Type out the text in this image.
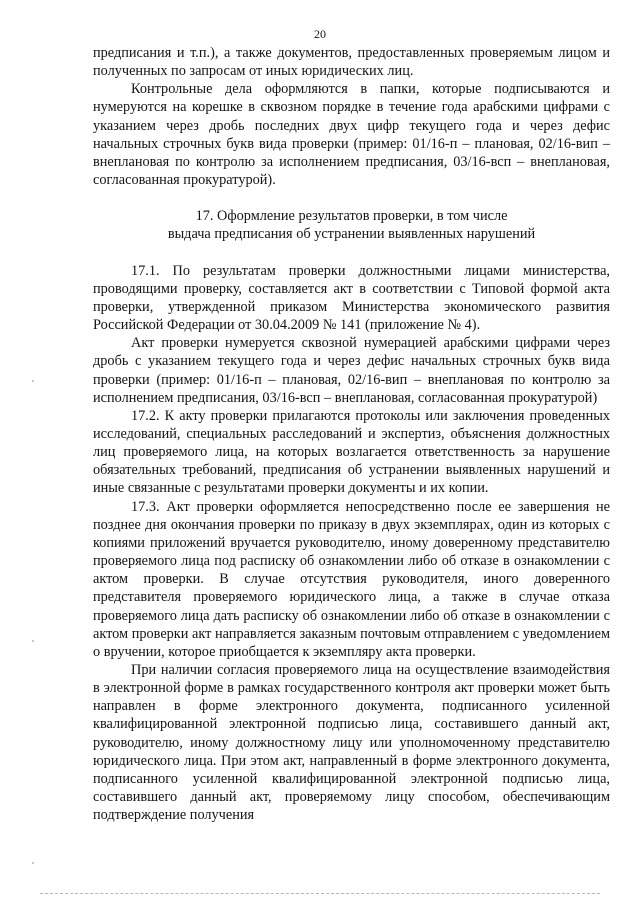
20

предписания и т.п.), а также документов, предоставленных проверяемым лицом и полученных по запросам от иных юридических лиц.

Контрольные дела оформляются в папки, которые подписываются и нумеруются на корешке в сквозном порядке в течение года арабскими цифрами с указанием через дробь последних двух цифр текущего года и через дефис начальных строчных букв вида проверки (пример: 01/16-п – плановая, 02/16-вип – внеплановая по контролю за исполнением предписания, 03/16-всп – внеплановая, согласованная прокуратурой).

17. Оформление результатов проверки, в том числе

выдача предписания об устранении выявленных нарушений

17.1. По результатам проверки должностными лицами министерства, проводящими проверку, составляется акт в соответствии с Типовой формой акта проверки, утвержденной приказом Министерства экономического развития Российской Федерации от 30.04.2009 № 141 (приложение № 4).

Акт проверки нумеруется сквозной нумерацией арабскими цифрами через дробь с указанием текущего года и через дефис начальных строчных букв вида проверки (пример: 01/16-п – плановая, 02/16-вип – внеплановая по контролю за исполнением предписания, 03/16-всп – внеплановая, согласованная прокуратурой)

17.2. К акту проверки прилагаются протоколы или заключения проведенных исследований, специальных расследований и экспертиз, объяснения должностных лиц проверяемого лица, на которых возлагается ответственность за нарушение обязательных требований, предписания об устранении выявленных нарушений и иные связанные с результатами проверки документы и их копии.

17.3. Акт проверки оформляется непосредственно после ее завершения не позднее дня окончания проверки по приказу в двух экземплярах, один из которых с копиями приложений вручается руководителю, иному доверенному представителю проверяемого лица под расписку об ознакомлении либо об отказе в ознакомлении с актом проверки. В случае отсутствия руководителя, иного доверенного представителя проверяемого юридического лица, а также в случае отказа проверяемого лица дать расписку об ознакомлении либо об отказе в ознакомлении с актом проверки акт направляется заказным почтовым отправлением с уведомлением о вручении, которое приобщается к экземпляру акта проверки.

При наличии согласия проверяемого лица на осуществление взаимодействия в электронной форме в рамках государственного контроля акт проверки может быть направлен в форме электронного документа, подписанного усиленной квалифицированной электронной подписью лица, составившего данный акт, руководителю, иному должностному лицу или уполномоченному представителю юридического лица. При этом акт, направленный в форме электронного документа, подписанного усиленной квалифицированной электронной подписью лица, составившего данный акт, проверяемому лицу способом, обеспечивающим подтверждение получения
